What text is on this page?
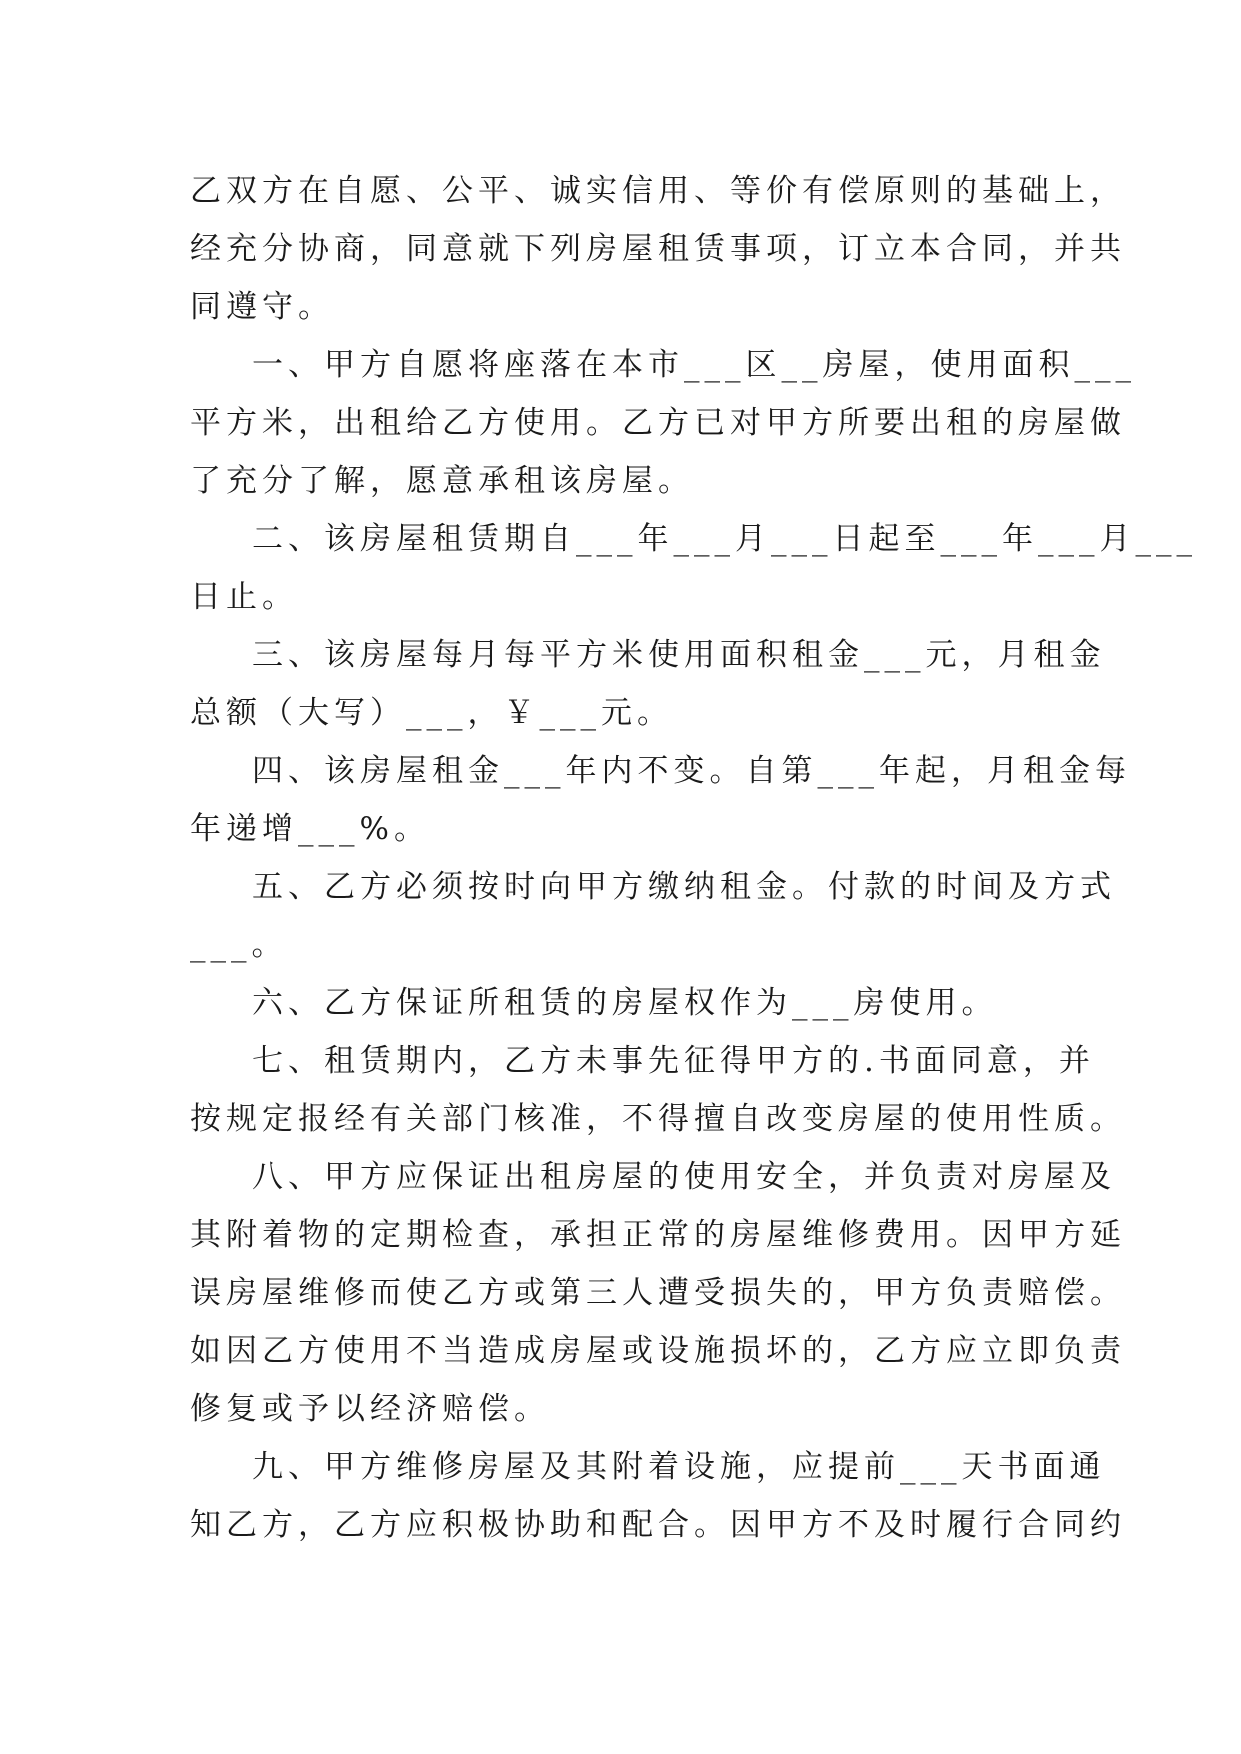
乙双方在自愿、公平、诚实信用、等价有偿原则的基础上，
经充分协商，同意就下列房屋租赁事项，订立本合同，并共
同遵守。
一、甲方自愿将座落在本市___区__房屋，使用面积___
平方米，出租给乙方使用。乙方已对甲方所要出租的房屋做
了充分了解，愿意承租该房屋。
二、该房屋租赁期自___年___月___日起至___年___月___
日止。
三、该房屋每月每平方米使用面积租金___元，月租金
总额（大写）___，￥___元。
四、该房屋租金___年内不变。自第___年起，月租金每
年递增___%。
五、乙方必须按时向甲方缴纳租金。付款的时间及方式
___。
六、乙方保证所租赁的房屋权作为___房使用。
七、租赁期内，乙方未事先征得甲方的.书面同意，并
按规定报经有关部门核准，不得擅自改变房屋的使用性质。
八、甲方应保证出租房屋的使用安全，并负责对房屋及
其附着物的定期检查，承担正常的房屋维修费用。因甲方延
误房屋维修而使乙方或第三人遭受损失的，甲方负责赔偿。
如因乙方使用不当造成房屋或设施损坏的，乙方应立即负责
修复或予以经济赔偿。
九、甲方维修房屋及其附着设施，应提前___天书面通
知乙方，乙方应积极协助和配合。因甲方不及时履行合同约
